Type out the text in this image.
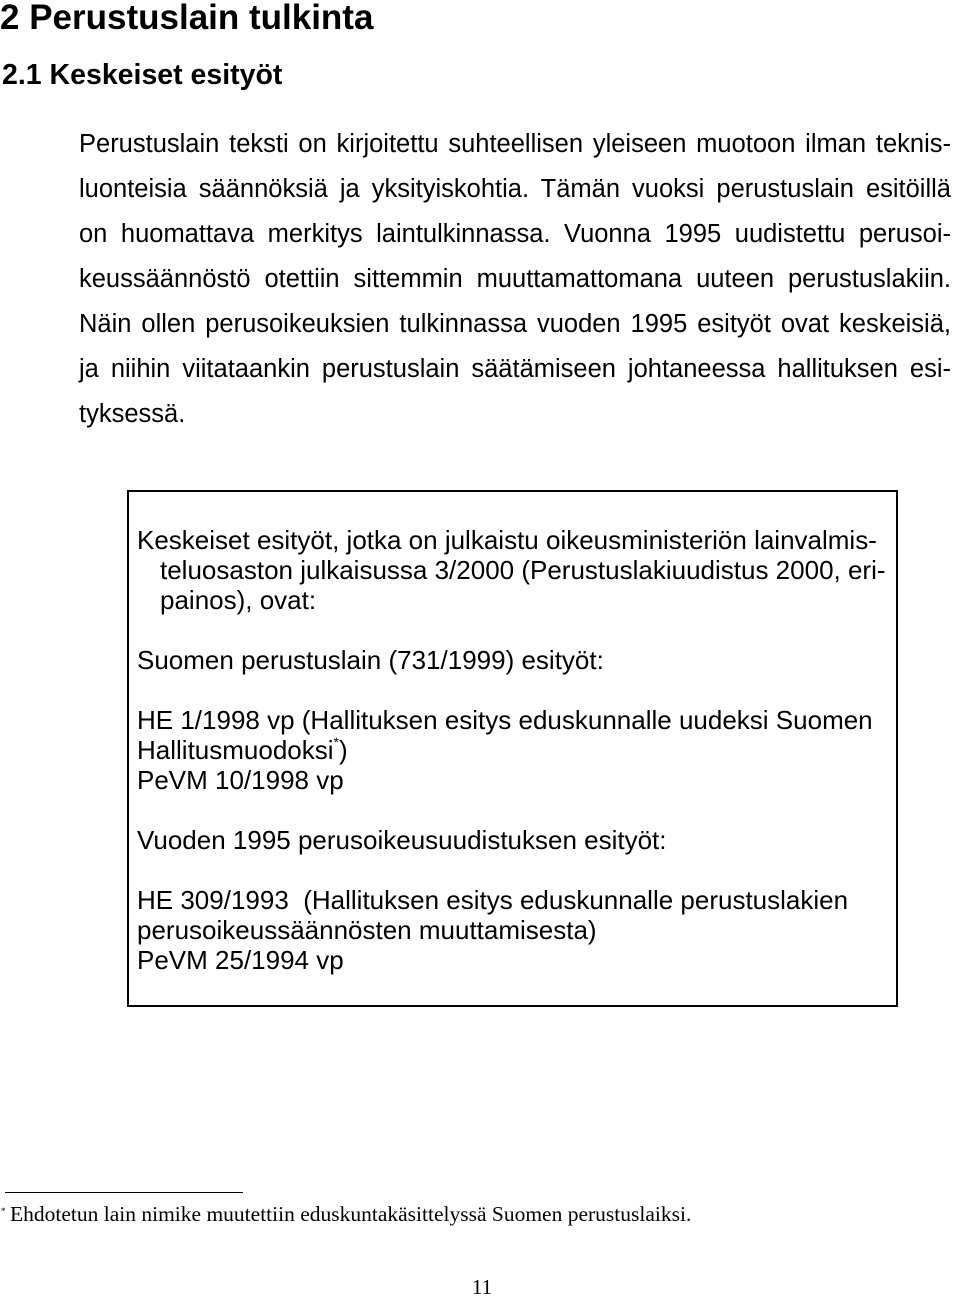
2 Perustuslain tulkinta
2.1 Keskeiset esityöt
Perustuslain teksti on kirjoitettu suhteellisen yleiseen muotoon ilman teknis-
luonteisia säännöksiä ja yksityiskohtia. Tämän vuoksi perustuslain esitöillä
on huomattava merkitys laintulkinnassa. Vuonna 1995 uudistettu perusoi-
keussäännöstö otettiin sittemmin muuttamattomana uuteen perustuslakiin.
Näin ollen perusoikeuksien tulkinnassa vuoden 1995 esityöt ovat keskeisiä,
ja niihin viitataankin perustuslain säätämiseen johtaneessa hallituksen esi-
tyksessä.
Keskeiset esityöt, jotka on julkaistu oikeusministeriön lainvalmis-
teluosaston julkaisussa 3/2000 (Perustuslakiuudistus 2000, eri-
painos), ovat:
Suomen perustuslain (731/1999) esityöt:
HE 1/1998 vp (Hallituksen esitys eduskunnalle uudeksi Suomen
Hallitusmuodoksi*)
PeVM 10/1998 vp
Vuoden 1995 perusoikeusuudistuksen esityöt:
HE 309/1993  (Hallituksen esitys eduskunnalle perustuslakien
perusoikeussäännösten muuttamisesta)
PeVM 25/1994 vp
* Ehdotetun lain nimike muutettiin eduskuntakäsittelyssä Suomen perustuslaiksi.
11
